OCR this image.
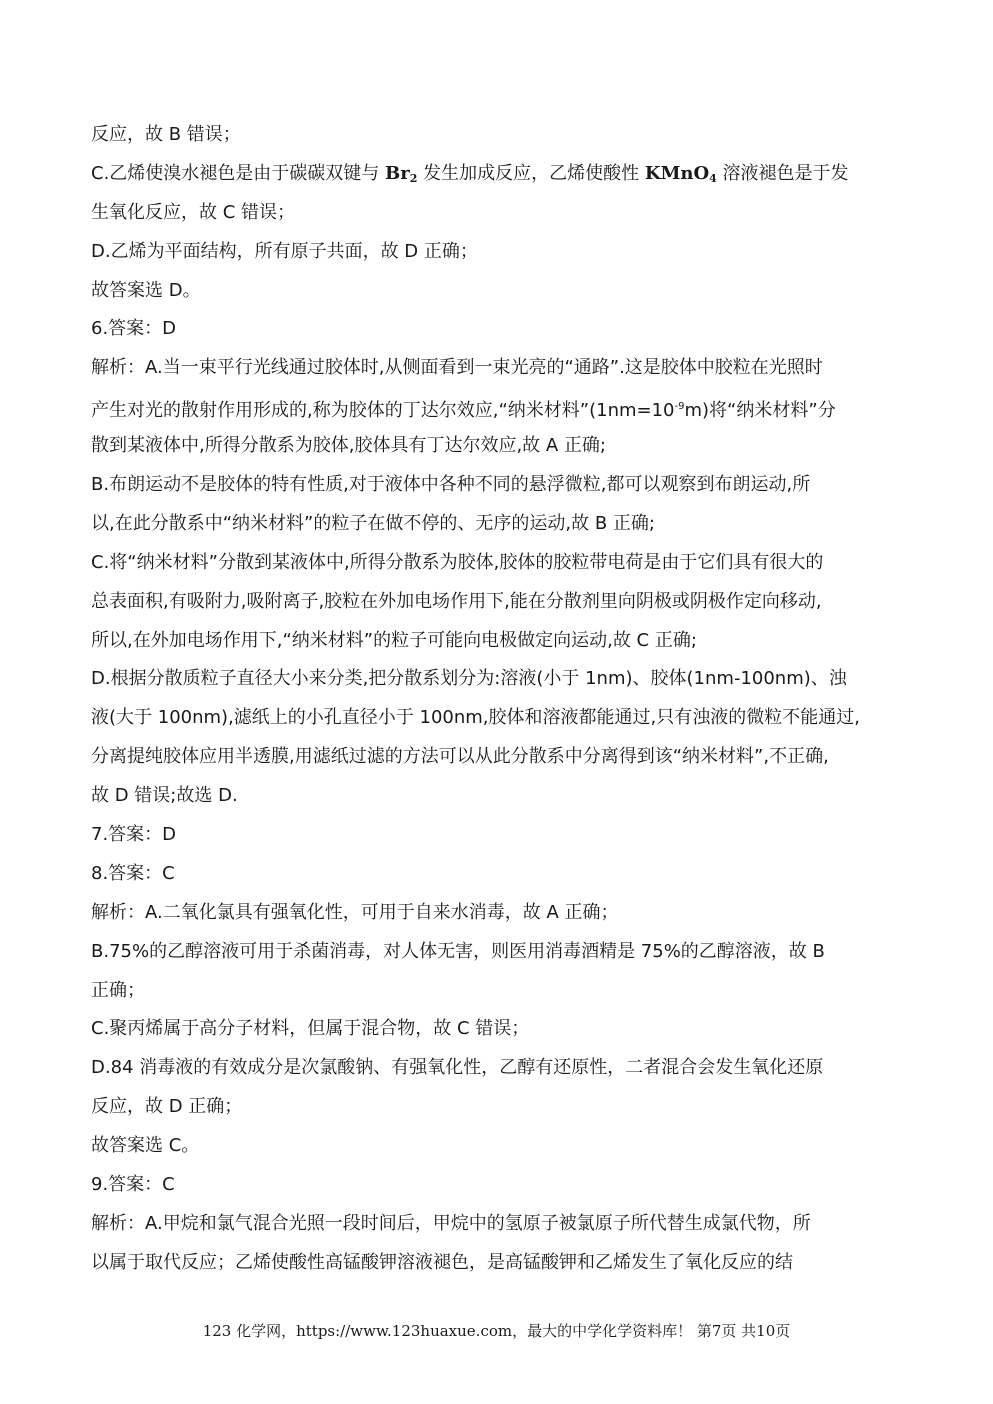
反应，故 B 错误；
C.乙烯使溴水褪色是由于碳碳双键与 $Br_2$ 发生加成反应，乙烯使酸性 KMnO$_4$ 溶液褪色是于发
生氧化反应，故 C 错误；
D.乙烯为平面结构，所有原子共面，故 D 正确；
故答案选 D。
6.答案：D
解析：A.当一束平行光线通过胶体时,从侧面看到一束光亮的“通路”.这是胶体中胶粒在光照时
产生对光的散射作用形成的,称为胶体的丁达尔效应,“纳米材料$”(1nm=10^{-9}m)$将“纳米材料”分
散到某液体中,所得分散系为胶体,胶体具有丁达尔效应,故 A 正确;
B.布朗运动不是胶体的特有性质,对于液体中各种不同的悬浮微粒,都可以观察到布朗运动,所
以,在此分散系中“纳米材料”的粒子在做不停的、无序的运动,故 B 正确;
C.将“纳米材料”分散到某液体中,所得分散系为胶体,胶体的胶粒带电荷是由于它们具有很大的
总表面积,有吸附力,吸附离子,胶粒在外加电场作用下,能在分散剂里向阴极或阴极作定向移动,
所以,在外加电场作用下,“纳米材料”的粒子可能向电极做定向运动,故 C 正确;
D.根据分散质粒子直径大小来分类,把分散系划分为:溶液(小于 1nm)、胶体(1nm-100nm)、浊
液(大于 100nm),滤纸上的小孔直径小于 100nm,胶体和溶液都能通过,只有浊液的微粒不能通过,
分离提纯胶体应用半透膜,用滤纸过滤的方法可以从此分散系中分离得到该“纳米材料”,不正确,
故 D 错误;故选 D.
7.答案：D
8.答案：C
解析：A.二氧化氯具有强氧化性，可用于自来水消毒，故 A 正确；
B.75%的乙醇溶液可用于杀菌消毒，对人体无害，则医用消毒酒精是 75%的乙醇溶液，故 B
正确；
C.聚丙烯属于高分子材料，但属于混合物，故 C 错误；
D.84 消毒液的有效成分是次氯酸钠、有强氧化性，乙醇有还原性，二者混合会发生氧化还原
反应，故 D 正确；
故答案选 C。
9.答案：C
解析：A.甲烷和氯气混合光照一段时间后，甲烷中的氢原子被氯原子所代替生成氯代物，所
以属于取代反应；乙烯使酸性高锰酸钾溶液褪色，是高锰酸钾和乙烯发生了氧化反应的结
123 化学网，https://www.123huaxue.com，最大的中学化学资料库！ 第7页 共10页
